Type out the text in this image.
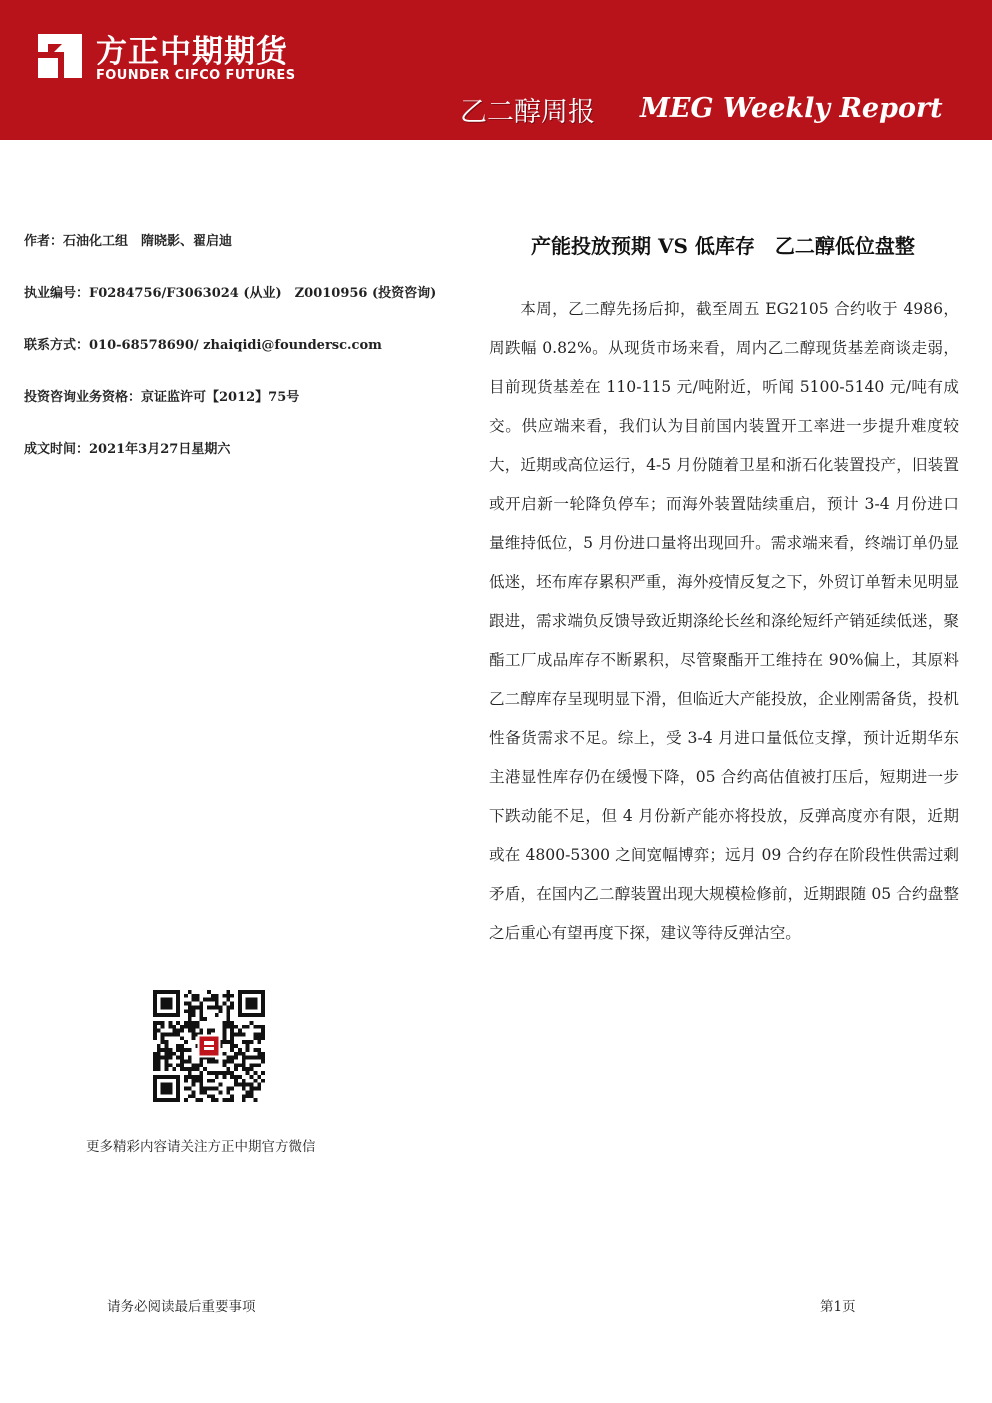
方正中期期货
FOUNDER CIFCO FUTURES
乙二醇周报 MEG Weekly Report
作者：石油化工组　隋晓影、翟启迪
执业编号：F0284756/F3063024 (从业)　Z0010956 (投资咨询)
联系方式：010-68578690/ zhaiqidi@foundersc.com
投资咨询业务资格：京证监许可【2012】75号
成文时间：2021年3月27日星期六
产能投放预期 VS 低库存　乙二醇低位盘整

本周，乙二醇先扬后抑，截至周五 EG2105 合约收于 4986，周跌幅 0.82%。从现货市场来看，周内乙二醇现货基差商谈走弱，目前现货基差在 110-115 元/吨附近，听闻 5100-5140 元/吨有成交。供应端来看，我们认为目前国内装置开工率进一步提升难度较大，近期或高位运行，4-5 月份随着卫星和浙石化装置投产，旧装置或开启新一轮降负停车；而海外装置陆续重启，预计 3-4 月份进口量维持低位，5 月份进口量将出现回升。需求端来看，终端订单仍显低迷，坯布库存累积严重，海外疫情反复之下，外贸订单暂未见明显跟进，需求端负反馈导致近期涤纶长丝和涤纶短纤产销延续低迷，聚酯工厂成品库存不断累积，尽管聚酯开工维持在 90%偏上，其原料乙二醇库存呈现明显下滑，但临近大产能投放，企业刚需备货，投机性备货需求不足。综上，受 3-4 月进口量低位支撑，预计近期华东主港显性库存仍在缓慢下降，05 合约高估值被打压后，短期进一步下跌动能不足，但 4 月份新产能亦将投放，反弹高度亦有限，近期或在 4800-5300 之间宽幅博弈；远月 09 合约存在阶段性供需过剩矛盾，在国内乙二醇装置出现大规模检修前，近期跟随 05 合约盘整之后重心有望再度下探，建议等待反弹沽空。

更多精彩内容请关注方正中期官方微信
请务必阅读最后重要事项	第1页
